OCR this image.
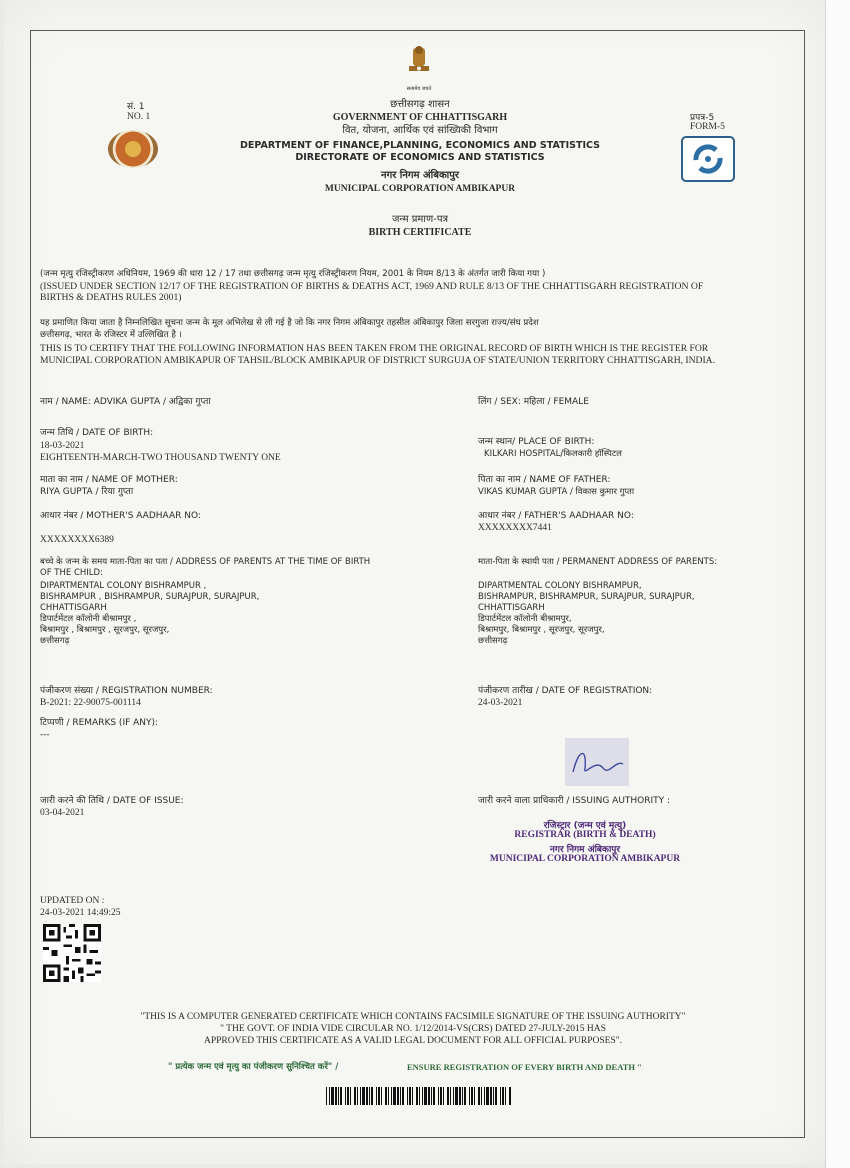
सत्यमेव जयते
सं. 1
NO. 1	प्रपत्र-5
FORM-5
छत्तीसगढ़ शासन
GOVERNMENT OF CHHATTISGARH
वित, योजना, आर्थिक एवं सांख्यिकी विभाग
DEPARTMENT OF FINANCE,PLANNING, ECONOMICS AND STATISTICS
DIRECTORATE OF ECONOMICS AND STATISTICS
नगर निगम अंबिकापुर
MUNICIPAL CORPORATION AMBIKAPUR
जन्म प्रमाण-पत्र
BIRTH CERTIFICATE
(जन्म मृत्यु रजिस्ट्रीकरण अधिनियम, 1969 की धारा 12 / 17 तथा छत्तीसगढ़ जन्म मृत्यु रजिस्ट्रीकरण नियम, 2001 के नियम 8/13 के अंतर्गत जारी किया गया )
(ISSUED UNDER SECTION 12/17 OF THE REGISTRATION OF BIRTHS & DEATHS ACT, 1969 AND RULE 8/13 OF THE CHHATTISGARH REGISTRATION OF
BIRTHS & DEATHS RULES 2001)
यह प्रमाणित किया जाता है निम्नलिखित सूचना जन्म के मूल अभिलेख से ली गई है जो कि नगर निगम अंबिकापुर तहसील अंबिकापुर जिला सरगुजा राज्य/संघ प्रदेश
छत्तीसगढ़, भारत के रजिस्टर में उल्लिखित है ।
THIS IS TO CERTIFY THAT THE FOLLOWING INFORMATION HAS BEEN TAKEN FROM THE ORIGINAL RECORD OF BIRTH WHICH IS THE REGISTER FOR
MUNICIPAL CORPORATION AMBIKAPUR OF TAHSIL/BLOCK AMBIKAPUR OF DISTRICT SURGUJA OF STATE/UNION TERRITORY CHHATTISGARH, INDIA.
नाम / NAME: ADVIKA GUPTA / अद्विका गुप्ता
जन्म तिथि / DATE OF BIRTH:
18-03-2021
EIGHTEENTH-MARCH-TWO THOUSAND TWENTY ONE
माता का नाम / NAME OF MOTHER:
RIYA GUPTA / रिया गुप्ता
आधार नंबर / MOTHER'S AADHAAR NO:
XXXXXXXX6389
बच्चे के जन्म के समय माता-पिता का पता / ADDRESS OF PARENTS AT THE TIME OF BIRTH
OF THE CHILD:
DIPARTMENTAL COLONY BISHRAMPUR ,
BISHRAMPUR , BISHRAMPUR, SURAJPUR, SURAJPUR,
CHHATTISGARH
डिपार्टमेंटल कॉलोनी बीश्रामपुर ,
बिश्रामपुर , बिश्रामपुर , सूरजपुर, सूरजपुर,
छत्तीसगढ़
पंजीकरण संख्या / REGISTRATION NUMBER:
B-2021: 22-90075-001114
टिप्पणी / REMARKS (IF ANY):
---
जारी करने की तिथि / DATE OF ISSUE:
03-04-2021
लिंग / SEX: महिला / FEMALE
जन्म स्थान/ PLACE OF BIRTH:
KILKARI HOSPITAL/किलकारी हॉस्पिटल
पिता का नाम / NAME OF FATHER:
VIKAS KUMAR GUPTA / विकास कुमार गुप्ता
आधार नंबर / FATHER'S AADHAAR NO:
XXXXXXXX7441
माता-पिता के स्थायी पता / PERMANENT ADDRESS OF PARENTS:
DIPARTMENTAL COLONY BISHRAMPUR,
BISHRAMPUR, BISHRAMPUR, SURAJPUR, SURAJPUR,
CHHATTISGARH
डिपार्टमेंटल कॉलोनी बीश्रामपुर,
बिश्रामपुर, बिश्रामपुर , सूरजपुर, सूरजपुर,
छत्तीसगढ़
पंजीकरण तारीख / DATE OF REGISTRATION:
24-03-2021
जारी करने वाला प्राधिकारी / ISSUING AUTHORITY :
रजिस्ट्रार (जन्म एवं मृत्यु)
REGISTRAR (BIRTH & DEATH)
नगर निगम अंबिकापुर
MUNICIPAL CORPORATION AMBIKAPUR
UPDATED ON :
24-03-2021 14:49:25
"THIS IS A COMPUTER GENERATED CERTIFICATE WHICH CONTAINS FACSIMILE SIGNATURE OF THE ISSUING AUTHORITY"
" THE GOVT. OF INDIA VIDE CIRCULAR NO. 1/12/2014-VS(CRS) DATED 27-JULY-2015 HAS
APPROVED THIS CERTIFICATE AS A VALID LEGAL DOCUMENT FOR ALL OFFICIAL PURPOSES".
" प्रत्येक जन्म एवं मृत्यु का पंजीकरण सुनिश्चित करें" /	ENSURE REGISTRATION OF EVERY BIRTH AND DEATH "
